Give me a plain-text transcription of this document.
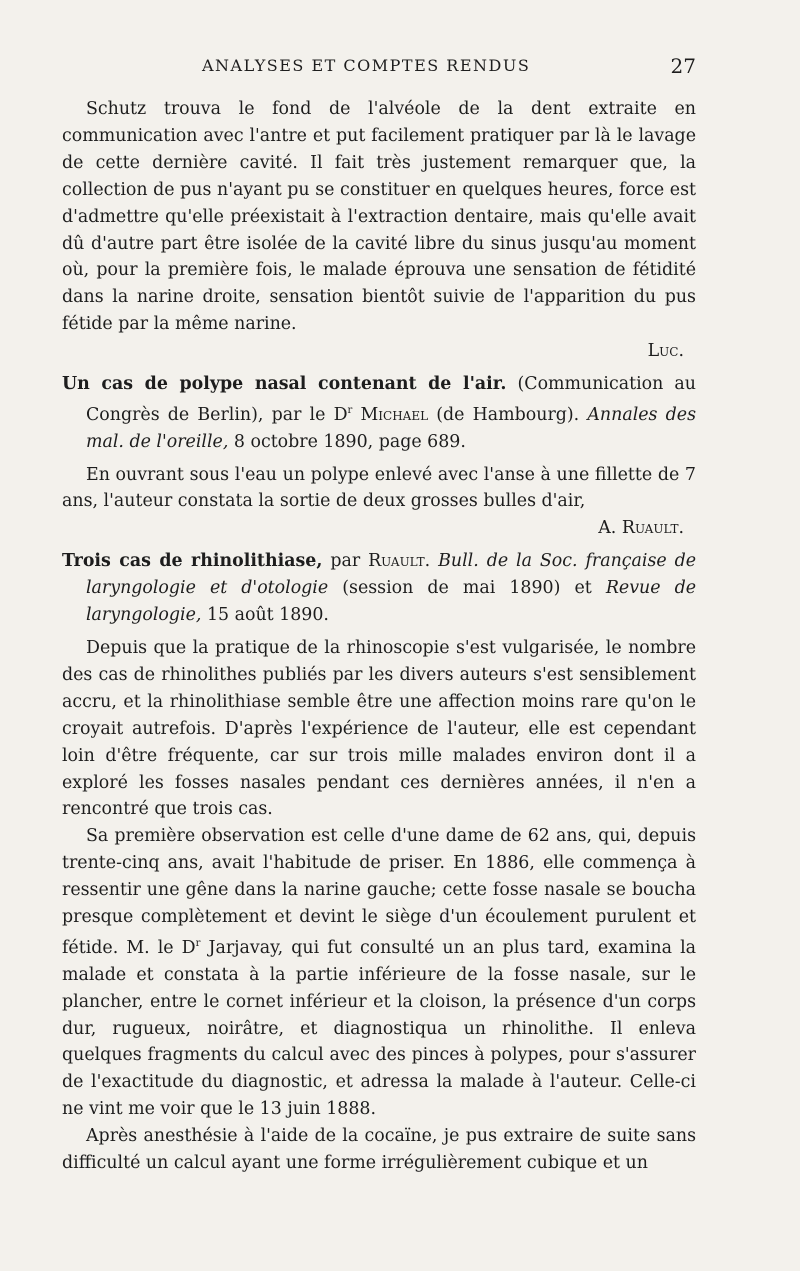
ANALYSES ET COMPTES RENDUS	27

Schutz trouva le fond de l'alvéole de la dent extraite en communication avec l'antre et put facilement pratiquer par là le lavage de cette dernière cavité. Il fait très justement remarquer que, la collection de pus n'ayant pu se constituer en quelques heures, force est d'admettre qu'elle préexistait à l'extraction dentaire, mais qu'elle avait dû d'autre part être isolée de la cavité libre du sinus jusqu'au moment où, pour la première fois, le malade éprouva une sensation de fétidité dans la narine droite, sensation bientôt suivie de l'apparition du pus fétide par la même narine.

Luc.

Un cas de polype nasal contenant de l'air. (Communication au Congrès de Berlin), par le $D^r$ Michael (de Hambourg). Annales des mal. de l'oreille, 8 octobre 1890, page 689.

En ouvrant sous l'eau un polype enlevé avec l'anse à une fillette de 7 ans, l'auteur constata la sortie de deux grosses bulles d'air,

A. Ruault.

Trois cas de rhinolithiase, par Ruault. Bull. de la Soc. française de laryngologie et d'otologie (session de mai 1890) et Revue de laryngologie, 15 août 1890.

Depuis que la pratique de la rhinoscopie s'est vulgarisée, le nombre des cas de rhinolithes publiés par les divers auteurs s'est sensiblement accru, et la rhinolithiase semble être une affection moins rare qu'on le croyait autrefois. D'après l'expérience de l'auteur, elle est cependant loin d'être fréquente, car sur trois mille malades environ dont il a exploré les fosses nasales pendant ces dernières années, il n'en a rencontré que trois cas.

Sa première observation est celle d'une dame de 62 ans, qui, depuis trente-cinq ans, avait l'habitude de priser. En 1886, elle commença à ressentir une gêne dans la narine gauche; cette fosse nasale se boucha presque complètement et devint le siège d'un écoulement purulent et fétide. M. le $D^r$ Jarjavay, qui fut consulté un an plus tard, examina la malade et constata à la partie inférieure de la fosse nasale, sur le plancher, entre le cornet inférieur et la cloison, la présence d'un corps dur, rugueux, noirâtre, et diagnostiqua un rhinolithe. Il enleva quelques fragments du calcul avec des pinces à polypes, pour s'assurer de l'exactitude du diagnostic, et adressa la malade à l'auteur. Celle-ci ne vint me voir que le 13 juin 1888.

Après anesthésie à l'aide de la cocaïne, je pus extraire de suite sans difficulté un calcul ayant une forme irrégulièrement cubique et un
